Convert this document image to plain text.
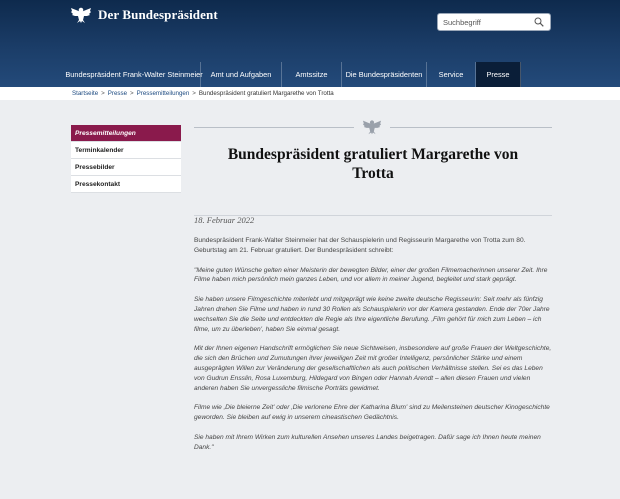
Der Bundespräsident
Suchbegriff
Bundespräsident Frank-Walter Steinmeier	Amt und Aufgaben	Amtssitze	Die Bundespräsidenten	Service	Presse
Startseite > Presse > Pressemitteilungen > Bundespräsident gratuliert Margarethe von Trotta
Pressemitteilungen
Terminkalender
Pressebilder
Pressekontakt
Bundespräsident gratuliert Margarethe von Trotta
18. Februar 2022

Bundespräsident Frank-Walter Steinmeier hat der Schauspielerin und Regisseurin Margarethe von Trotta zum 80. Geburtstag am 21. Februar gratuliert. Der Bundespräsident schreibt:

"Meine guten Wünsche gelten einer Meisterin der bewegten Bilder, einer der großen Filmemacherinnen unserer Zeit. Ihre Filme haben mich persönlich mein ganzes Leben, und vor allem in meiner Jugend, begleitet und stark geprägt.

Sie haben unsere Filmgeschichte miterlebt und mitgeprägt wie keine zweite deutsche Regisseurin: Seit mehr als fünfzig Jahren drehen Sie Filme und haben in rund 30 Rollen als Schauspielerin vor der Kamera gestanden. Ende der 70er Jahre wechselten Sie die Seite und entdeckten die Regie als Ihre eigentliche Berufung. ‚Film gehört für mich zum Leben – ich filme, um zu überleben', haben Sie einmal gesagt.

Mit der Ihnen eigenen Handschrift ermöglichen Sie neue Sichtweisen, insbesondere auf große Frauen der Weltgeschichte, die sich den Brüchen und Zumutungen ihrer jeweiligen Zeit mit großer Intelligenz, persönlicher Stärke und einem ausgeprägten Willen zur Veränderung der gesellschaftlichen als auch politischen Verhältnisse stellen. Sei es das Leben von Gudrun Ensslin, Rosa Luxemburg, Hildegard von Bingen oder Hannah Arendt – allen diesen Frauen und vielen anderen haben Sie unvergessliche filmische Porträts gewidmet.

Filme wie ‚Die bleierne Zeit' oder ‚Die verlorene Ehre der Katharina Blum' sind zu Meilensteinen deutscher Kinogeschichte geworden. Sie bleiben auf ewig in unserem cineastischen Gedächtnis.

Sie haben mit Ihrem Wirken zum kulturellen Ansehen unseres Landes beigetragen. Dafür sage ich Ihnen heute meinen Dank."
